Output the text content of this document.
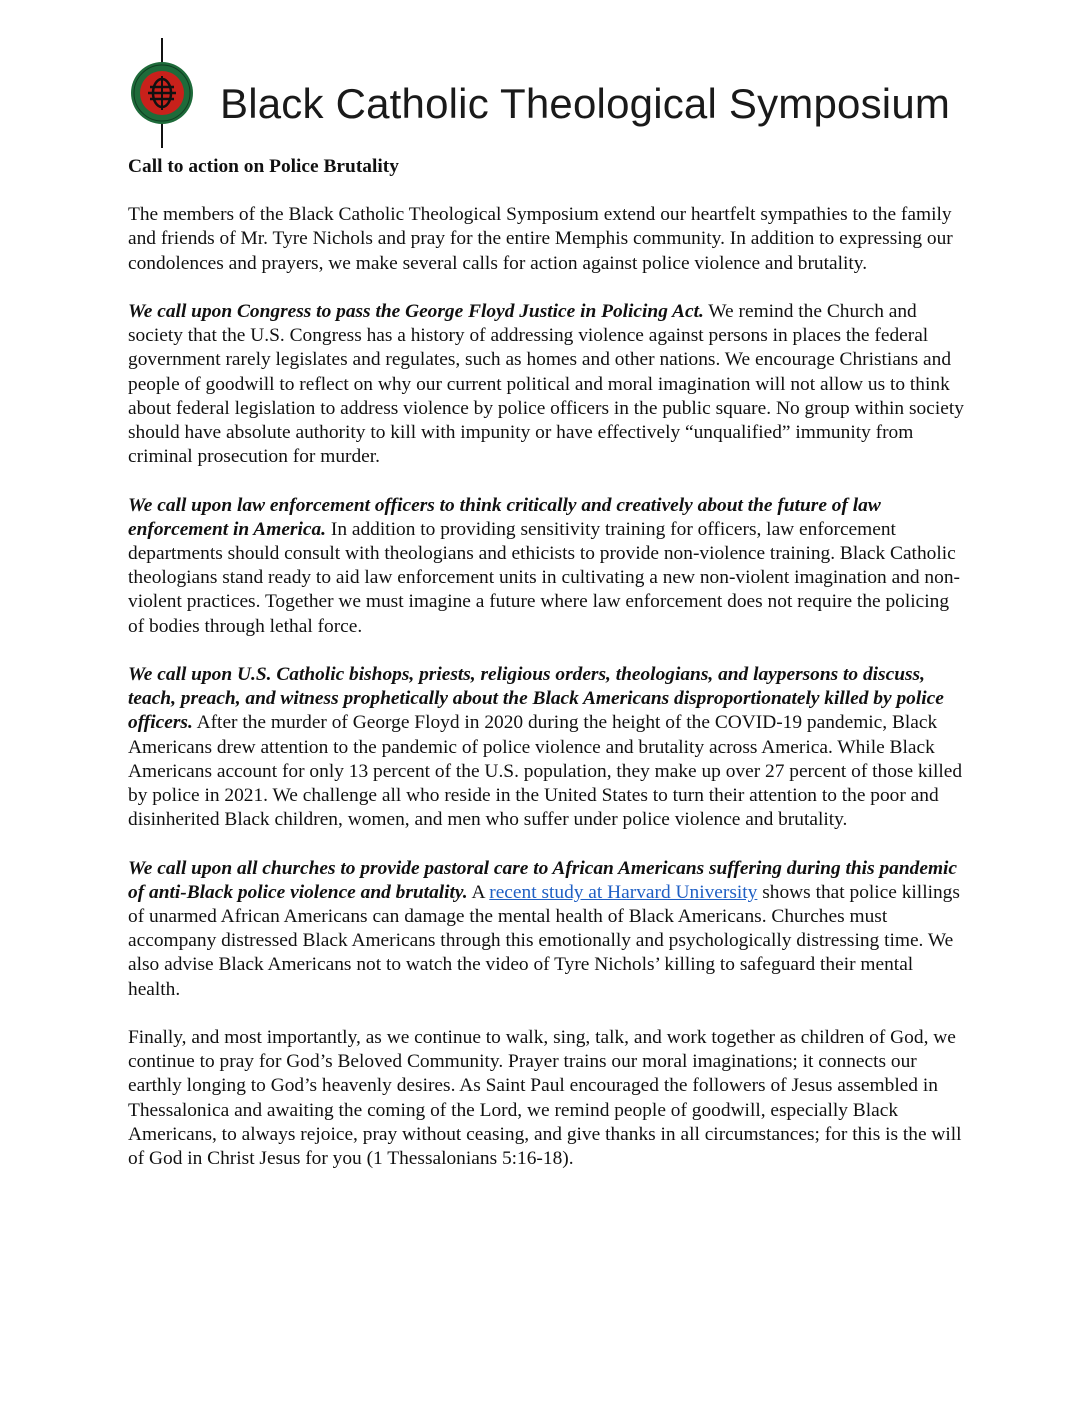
Black Catholic Theological Symposium

Call to action on Police Brutality

The members of the Black Catholic Theological Symposium extend our heartfelt sympathies to the family and friends of Mr. Tyre Nichols and pray for the entire Memphis community. In addition to expressing our condolences and prayers, we make several calls for action against police violence and brutality.

We call upon Congress to pass the George Floyd Justice in Policing Act. We remind the Church and society that the U.S. Congress has a history of addressing violence against persons in places the federal government rarely legislates and regulates, such as homes and other nations. We encourage Christians and people of goodwill to reflect on why our current political and moral imagination will not allow us to think about federal legislation to address violence by police officers in the public square. No group within society should have absolute authority to kill with impunity or have effectively “unqualified” immunity from criminal prosecution for murder.

We call upon law enforcement officers to think critically and creatively about the future of law enforcement in America. In addition to providing sensitivity training for officers, law enforcement departments should consult with theologians and ethicists to provide non-violence training. Black Catholic theologians stand ready to aid law enforcement units in cultivating a new non-violent imagination and non-violent practices. Together we must imagine a future where law enforcement does not require the policing of bodies through lethal force.

We call upon U.S. Catholic bishops, priests, religious orders, theologians, and laypersons to discuss, teach, preach, and witness prophetically about the Black Americans disproportionately killed by police officers. After the murder of George Floyd in 2020 during the height of the COVID-19 pandemic, Black Americans drew attention to the pandemic of police violence and brutality across America. While Black Americans account for only 13 percent of the U.S. population, they make up over 27 percent of those killed by police in 2021. We challenge all who reside in the United States to turn their attention to the poor and disinherited Black children, women, and men who suffer under police violence and brutality.

We call upon all churches to provide pastoral care to African Americans suffering during this pandemic of anti-Black police violence and brutality. A recent study at Harvard University shows that police killings of unarmed African Americans can damage the mental health of Black Americans. Churches must accompany distressed Black Americans through this emotionally and psychologically distressing time. We also advise Black Americans not to watch the video of Tyre Nichols’ killing to safeguard their mental health.

Finally, and most importantly, as we continue to walk, sing, talk, and work together as children of God, we continue to pray for God’s Beloved Community. Prayer trains our moral imaginations; it connects our earthly longing to God’s heavenly desires. As Saint Paul encouraged the followers of Jesus assembled in Thessalonica and awaiting the coming of the Lord, we remind people of goodwill, especially Black Americans, to always rejoice, pray without ceasing, and give thanks in all circumstances; for this is the will of God in Christ Jesus for you (1 Thessalonians 5:16-18).
